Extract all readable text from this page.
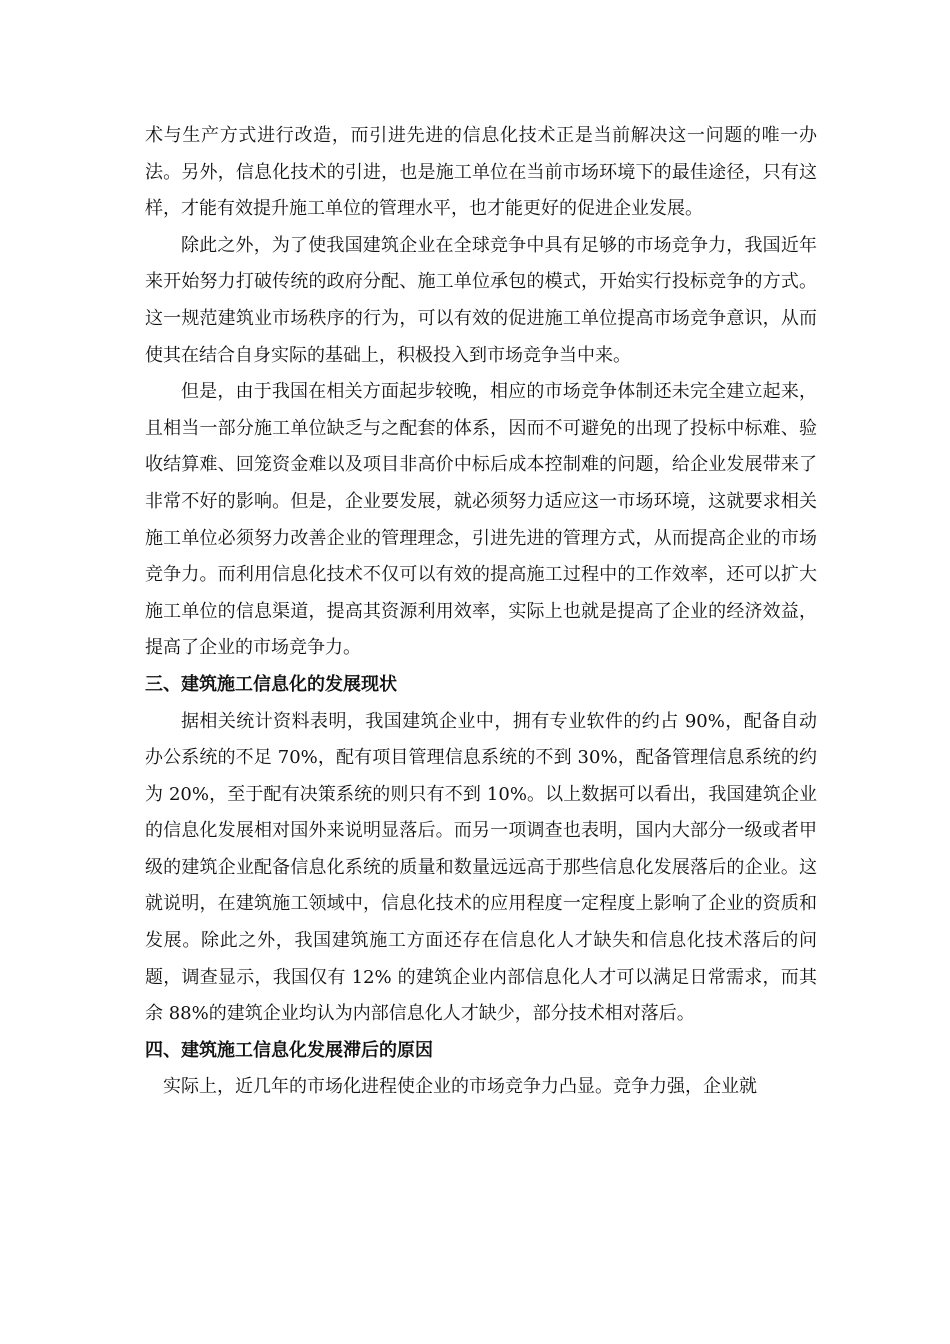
术与生产方式进行改造，而引进先进的信息化技术正是当前解决这一问题的唯一办法。另外，信息化技术的引进，也是施工单位在当前市场环境下的最佳途径，只有这样，才能有效提升施工单位的管理水平，也才能更好的促进企业发展。

除此之外，为了使我国建筑企业在全球竞争中具有足够的市场竞争力，我国近年来开始努力打破传统的政府分配、施工单位承包的模式，开始实行投标竞争的方式。这一规范建筑业市场秩序的行为，可以有效的促进施工单位提高市场竞争意识，从而使其在结合自身实际的基础上，积极投入到市场竞争当中来。

但是，由于我国在相关方面起步较晚，相应的市场竞争体制还未完全建立起来，且相当一部分施工单位缺乏与之配套的体系，因而不可避免的出现了投标中标难、验收结算难、回笼资金难以及项目非高价中标后成本控制难的问题，给企业发展带来了非常不好的影响。但是，企业要发展，就必须努力适应这一市场环境，这就要求相关施工单位必须努力改善企业的管理理念，引进先进的管理方式，从而提高企业的市场竞争力。而利用信息化技术不仅可以有效的提高施工过程中的工作效率，还可以扩大施工单位的信息渠道，提高其资源利用效率，实际上也就是提高了企业的经济效益，提高了企业的市场竞争力。

三、建筑施工信息化的发展现状

据相关统计资料表明，我国建筑企业中，拥有专业软件的约占 90%，配备自动办公系统的不足 70%，配有项目管理信息系统的不到 30%，配备管理信息系统的约为 20%，至于配有决策系统的则只有不到 10%。以上数据可以看出，我国建筑企业的信息化发展相对国外来说明显落后。而另一项调查也表明，国内大部分一级或者甲级的建筑企业配备信息化系统的质量和数量远远高于那些信息化发展落后的企业。这就说明，在建筑施工领域中，信息化技术的应用程度一定程度上影响了企业的资质和发展。除此之外，我国建筑施工方面还存在信息化人才缺失和信息化技术落后的问题，调查显示，我国仅有 12% 的建筑企业内部信息化人才可以满足日常需求，而其余 88%的建筑企业均认为内部信息化人才缺少，部分技术相对落后。

四、建筑施工信息化发展滞后的原因

实际上，近几年的市场化进程使企业的市场竞争力凸显。竞争力强，企业就
